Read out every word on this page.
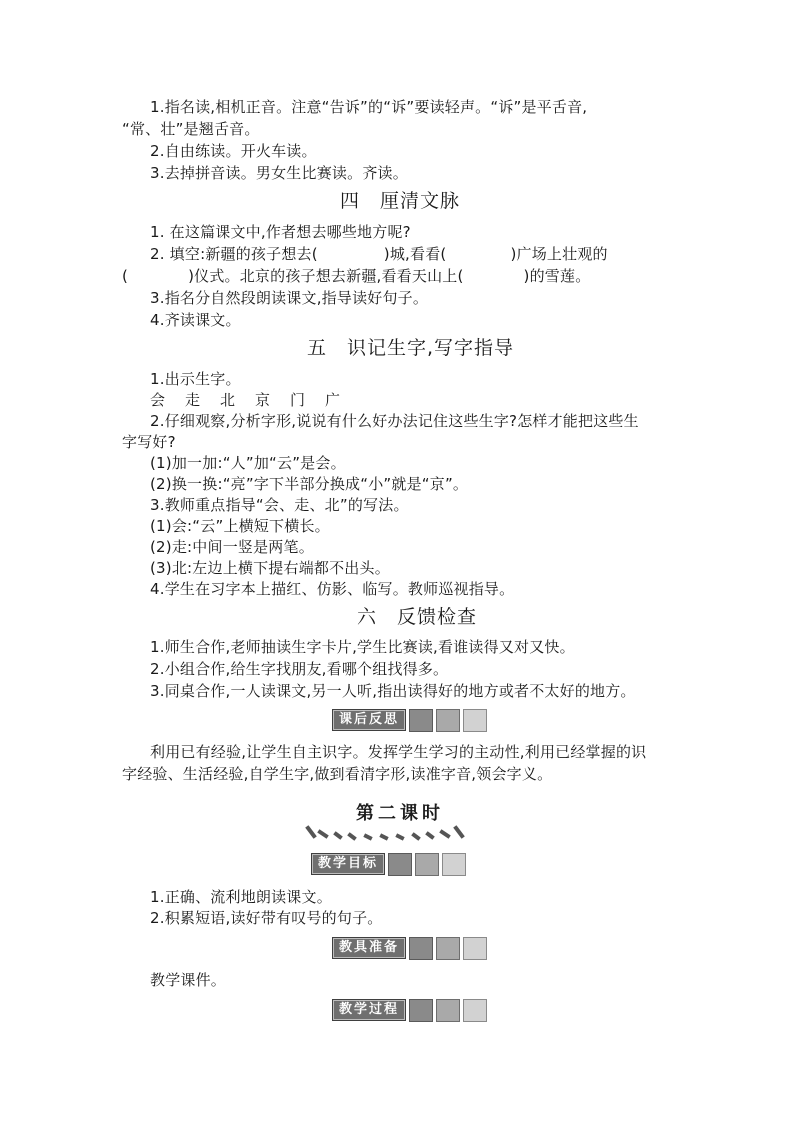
1.指名读,相机正音。注意“告诉”的“诉”要读轻声。“诉”是平舌音,
“常、壮”是翘舌音。
2.自由练读。开火车读。
3.去掉拼音读。男女生比赛读。齐读。
四　厘清文脉
1. 在这篇课文中,作者想去哪些地方呢?
2. 填空:新疆的孩子想去(	)城,看看(	)广场上壮观的
(	)仪式。北京的孩子想去新疆,看看天山上(	)的雪莲。
3.指名分自然段朗读课文,指导读好句子。
4.齐读课文。
五　识记生字,写字指导
1.出示生字。
会 走 北 京 门 广
2.仔细观察,分析字形,说说有什么好办法记住这些生字?怎样才能把这些生
字写好?
(1)加一加:“人”加“云”是会。
(2)换一换:“亮”字下半部分换成“小”就是“京”。
3.教师重点指导“会、走、北”的写法。
(1)会:“云”上横短下横长。
(2)走:中间一竖是两笔。
(3)北:左边上横下提右端都不出头。
4.学生在习字本上描红、仿影、临写。教师巡视指导。
六　反馈检查
1.师生合作,老师抽读生字卡片,学生比赛读,看谁读得又对又快。
2.小组合作,给生字找朋友,看哪个组找得多。
3.同桌合作,一人读课文,另一人听,指出读得好的地方或者不太好的地方。
课后反思
利用已有经验,让学生自主识字。发挥学生学习的主动性,利用已经掌握的识
字经验、生活经验,自学生字,做到看清字形,读准字音,领会字义。
第二课时
教学目标
1.正确、流利地朗读课文。
2.积累短语,读好带有叹号的句子。
教具准备
教学课件。
教学过程
